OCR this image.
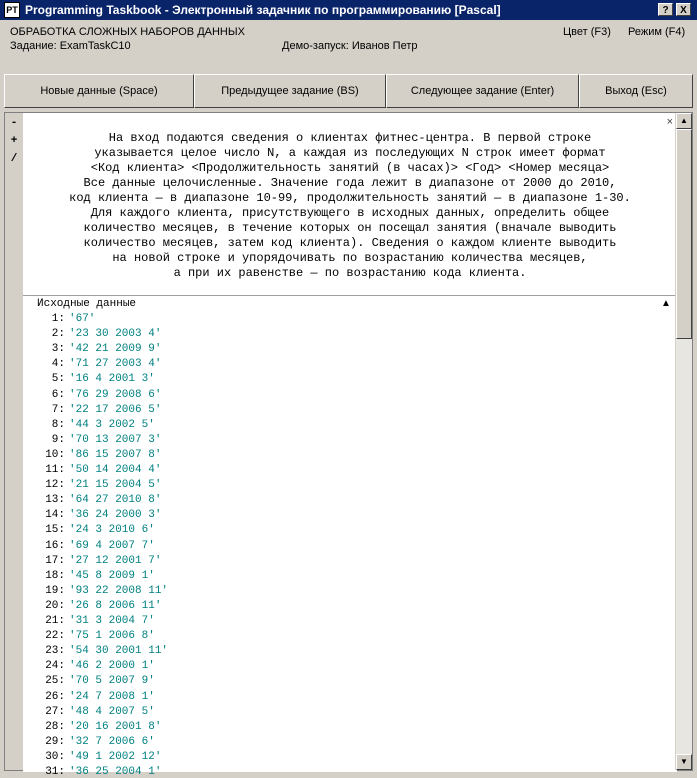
PT Programming Taskbook - Электронный задачник по программированию [Pascal]	?	X
ОБРАБОТКА СЛОЖНЫХ НАБОРОВ ДАННЫХ
Задание: ExamTaskC10	Демо-запуск: Иванов Петр
Цвет (F3) Режим (F4)
Новые данные (Space)	Предыдущее задание (BS)	Следующее задание (Enter)	Выход (Esc)
-
+
/
×
На вход подаются сведения о клиентах фитнес-центра. В первой строке
указывается целое число N, а каждая из последующих N строк имеет формат
<Код клиента> <Продолжительность занятий (в часах)> <Год> <Номер месяца>
Все данные целочисленные. Значение года лежит в диапазоне от 2000 до 2010,
код клиента — в диапазоне 10-99, продолжительность занятий — в диапазоне 1-30.
Для каждого клиента, присутствующего в исходных данных, определить общее
количество месяцев, в течение которых он посещал занятия (вначале выводить
количество месяцев, затем код клиента). Сведения о каждом клиенте выводить
на новой строке и упорядочивать по возрастанию количества месяцев,
а при их равенстве — по возрастанию кода клиента.
Исходные данные	▲
1: '67'
2: '23 30 2003 4'
3: '42 21 2009 9'
4: '71 27 2003 4'
5: '16 4 2001 3'
6: '76 29 2008 6'
7: '22 17 2006 5'
8: '44 3 2002 5'
9: '70 13 2007 3'
10: '86 15 2007 8'
11: '50 14 2004 4'
12: '21 15 2004 5'
13: '64 27 2010 8'
14: '36 24 2000 3'
15: '24 3 2010 6'
16: '69 4 2007 7'
17: '27 12 2001 7'
18: '45 8 2009 1'
19: '93 22 2008 11'
20: '26 8 2006 11'
21: '31 3 2004 7'
22: '75 1 2006 8'
23: '54 30 2001 11'
24: '46 2 2000 1'
25: '70 5 2007 9'
26: '24 7 2008 1'
27: '48 4 2007 5'
28: '20 16 2001 8'
29: '32 7 2006 6'
30: '49 1 2002 12'
31: '36 25 2004 1'
▲
▼
